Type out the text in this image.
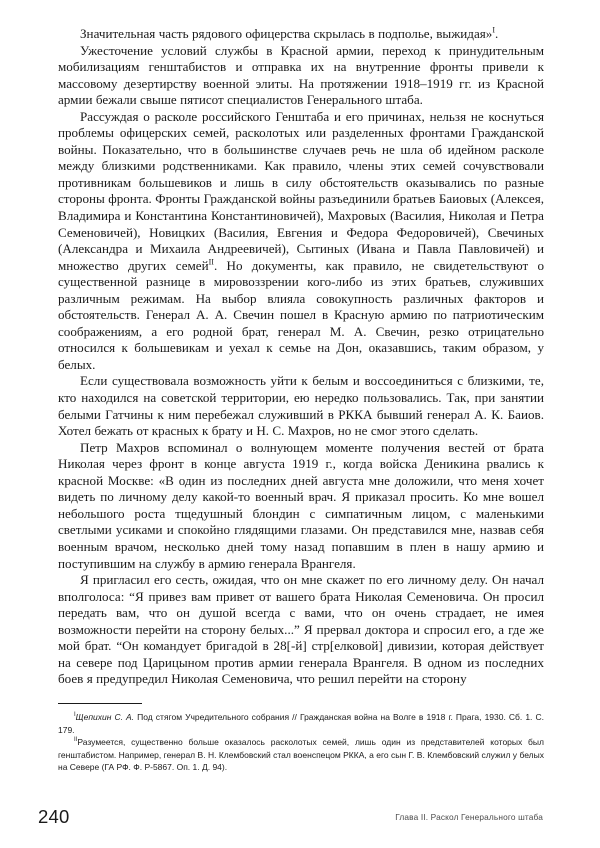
Значительная часть рядового офицерства скрылась в подполье, выжидая»$^I$.

Ужесточение условий службы в Красной армии, переход к принудительным мобилизациям генштабистов и отправка их на внутренние фронты привели к массовому дезертирству военной элиты. На протяжении 1918–1919 гг. из Красной армии бежали свыше пятисот специалистов Генерального штаба.

Рассуждая о расколе российского Генштаба и его причинах, нельзя не коснуться проблемы офицерских семей, расколотых или разделенных фронтами Гражданской войны. Показательно, что в большинстве случаев речь не шла об идейном расколе между близкими родственниками. Как правило, члены этих семей сочувствовали противникам большевиков и лишь в силу обстоятельств оказывались по разные стороны фронта. Фронты Гражданской войны разъединили братьев Баиовых (Алексея, Владимира и Константина Константиновичей), Махровых (Василия, Николая и Петра Семеновичей), Новицких (Василия, Евгения и Федора Федоровичей), Свечиных (Александра и Михаила Андреевичей), Сытиных (Ивана и Павла Павловичей) и множество других семей$^{II}$. Но документы, как правило, не свидетельствуют о существенной разнице в мировоззрении кого-либо из этих братьев, служивших различным режимам. На выбор влияла совокупность различных факторов и обстоятельств. Генерал А. А. Свечин пошел в Красную армию по патриотическим соображениям, а его родной брат, генерал М. А. Свечин, резко отрицательно относился к большевикам и уехал к семье на Дон, оказавшись, таким образом, у белых.

Если существовала возможность уйти к белым и воссоединиться с близкими, те, кто находился на советской территории, ею нередко пользовались. Так, при занятии белыми Гатчины к ним перебежал служивший в РККА бывший генерал А. К. Баиов. Хотел бежать от красных к брату и Н. С. Махров, но не смог этого сделать.

Петр Махров вспоминал о волнующем моменте получения вестей от брата Николая через фронт в конце августа 1919 г., когда войска Деникина рвались к красной Москве: «В один из последних дней августа мне доложили, что меня хочет видеть по личному делу какой-то военный врач. Я приказал просить. Ко мне вошел небольшого роста тщедушный блондин с симпатичным лицом, с маленькими светлыми усиками и спокойно глядящими глазами. Он представился мне, назвав себя военным врачом, несколько дней тому назад попавшим в плен в нашу армию и поступившим на службу в армию генерала Врангеля.

Я пригласил его сесть, ожидая, что он мне скажет по его личному делу. Он начал вполголоса: “Я привез вам привет от вашего брата Николая Семеновича. Он просил передать вам, что он душой всегда с вами, что он очень страдает, не имея возможности перейти на сторону белых...” Я прервал доктора и спросил его, а где же мой брат. “Он командует бригадой в 28[-й] стр[елковой] дивизии, которая действует на севере под Царицыном против армии генерала Врангеля. В одном из последних боев я предупредил Николая Семеновича, что решил перейти на сторону

$^I$Щепихин С. А. Под стягом Учредительного собрания // Гражданская война на Волге в 1918 г. Прага, 1930. Сб. 1. С. 179.

$^{II}$Разумеется, существенно больше оказалось расколотых семей, лишь один из представителей которых был генштабистом. Например, генерал В. Н. Клембовский стал военспецом РККА, а его сын Г. В. Клембовский служил у белых на Севере (ГА РФ. Ф. Р-5867. Оп. 1. Д. 94).

240	Глава II. Раскол Генерального штаба
